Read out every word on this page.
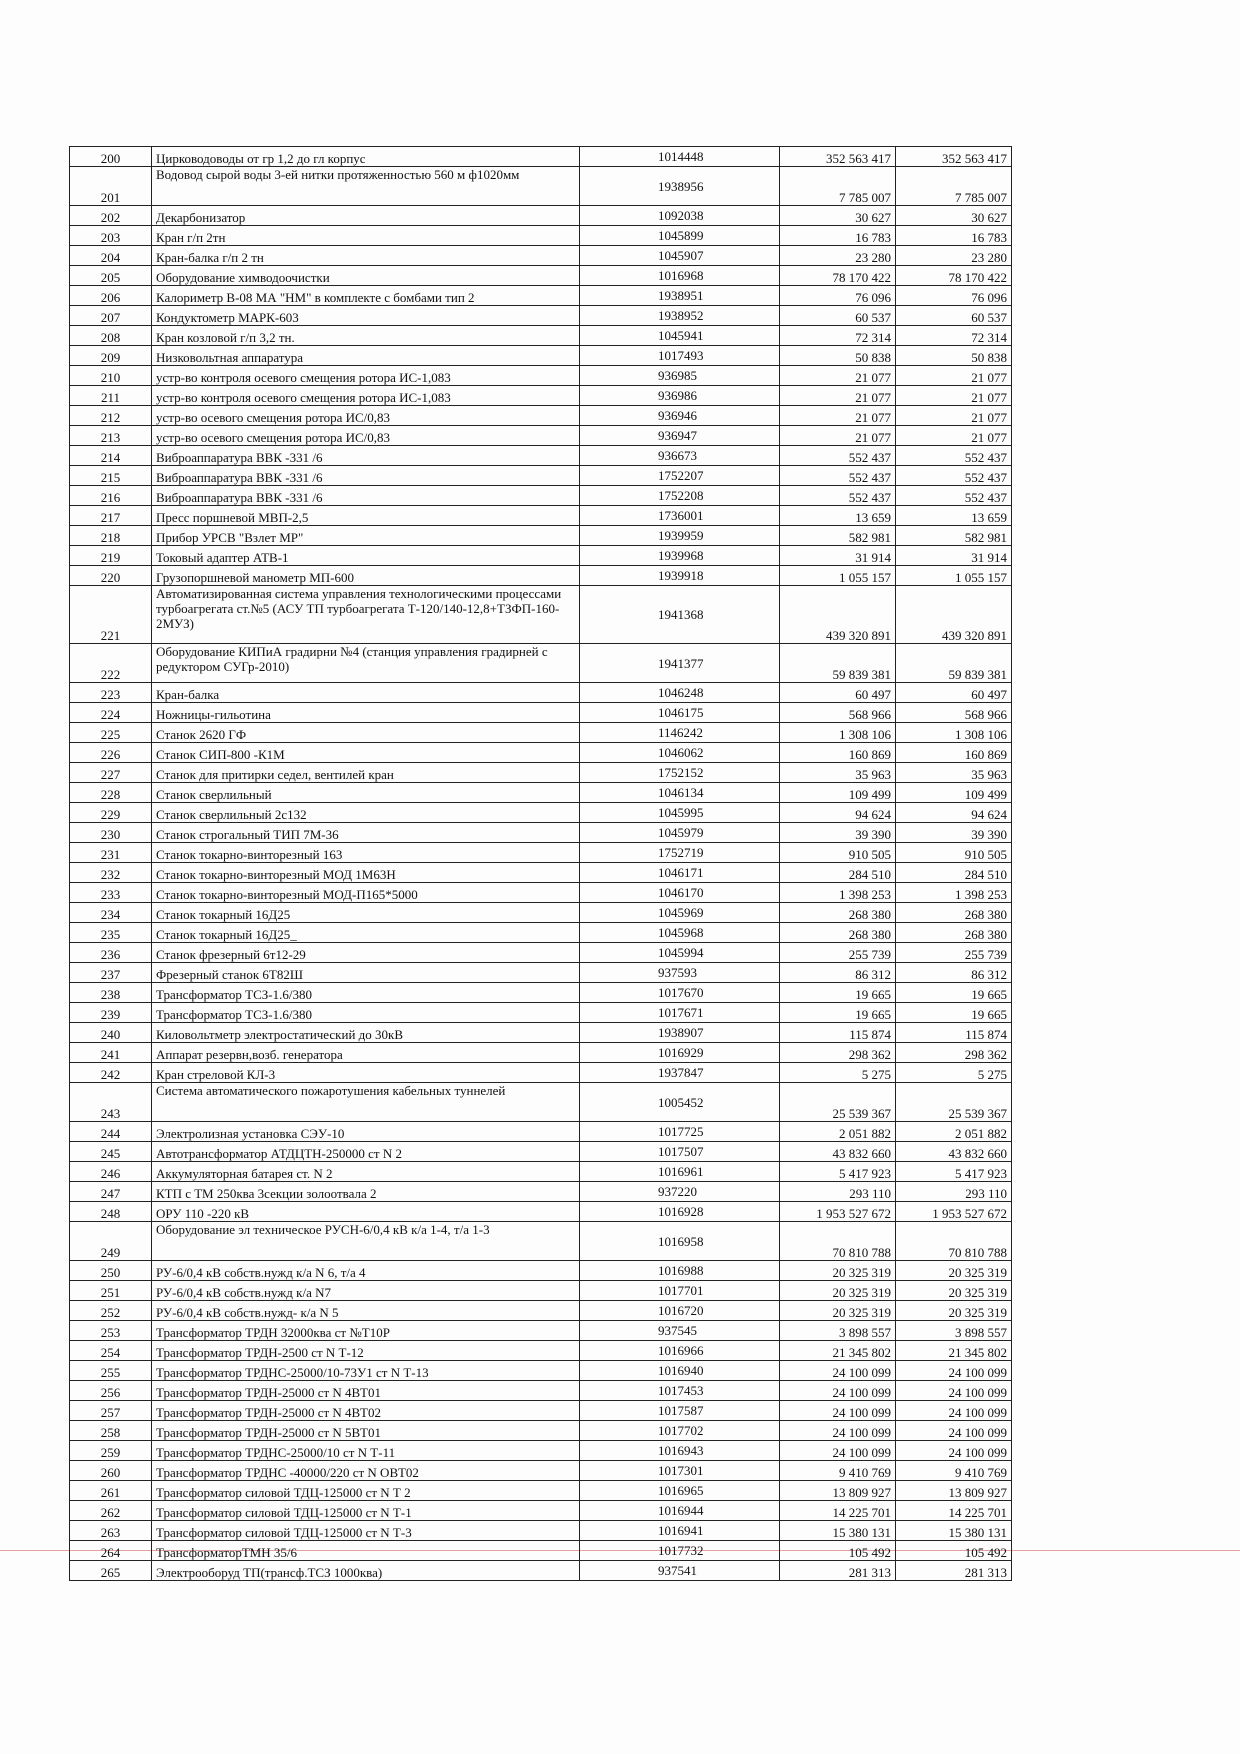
200	Цирководоводы от гр 1,2 до гл корпус	1014448	352 563 417	352 563 417
201	Водовод сырой воды 3-ей нитки протяженностью 560 м ф1020мм	1938956	7 785 007	7 785 007
202	Декарбонизатор	1092038	30 627	30 627
203	Кран г/п 2тн	1045899	16 783	16 783
204	Кран-балка г/п 2 тн	1045907	23 280	23 280
205	Оборудование химводоочистки	1016968	78 170 422	78 170 422
206	Калориметр В-08 МА "НМ" в комплекте с бомбами тип 2	1938951	76 096	76 096
207	Кондуктометр МАРК-603	1938952	60 537	60 537
208	Кран козловой г/п 3,2 тн.	1045941	72 314	72 314
209	Низковольтная аппаратура	1017493	50 838	50 838
210	устр-во контроля осевого смещения ротора ИС-1,083	936985	21 077	21 077
211	устр-во контроля осевого смещения ротора ИС-1,083	936986	21 077	21 077
212	устр-во осевого смещения ротора ИС/0,83	936946	21 077	21 077
213	устр-во осевого смещения ротора ИС/0,83	936947	21 077	21 077
214	Виброаппаратура ВВК -331 /6	936673	552 437	552 437
215	Виброаппаратура ВВК -331 /6	1752207	552 437	552 437
216	Виброаппаратура ВВК -331 /6	1752208	552 437	552 437
217	Пресс поршневой МВП-2,5	1736001	13 659	13 659
218	Прибор УРСВ "Взлет МР"	1939959	582 981	582 981
219	Токовый адаптер АТВ-1	1939968	31 914	31 914
220	Грузопоршневой манометр МП-600	1939918	1 055 157	1 055 157
221	Автоматизированная система управления технологическими процессами турбоагрегата ст.№5 (АСУ ТП турбоагрегата Т-120/140-12,8+ТЗФП-160-2МУЗ)	1941368	439 320 891	439 320 891
222	Оборудование КИПиА градирни №4 (станция управления градирней с редуктором СУГр-2010)	1941377	59 839 381	59 839 381
223	Кран-балка	1046248	60 497	60 497
224	Ножницы-гильотина	1046175	568 966	568 966
225	Станок 2620 ГФ	1146242	1 308 106	1 308 106
226	Станок СИП-800 -К1М	1046062	160 869	160 869
227	Станок для притирки седел, вентилей кран	1752152	35 963	35 963
228	Станок сверлильный	1046134	109 499	109 499
229	Станок сверлильный 2с132	1045995	94 624	94 624
230	Станок строгальный ТИП 7М-36	1045979	39 390	39 390
231	Станок токарно-винторезный 163	1752719	910 505	910 505
232	Станок токарно-винторезный МОД 1М63Н	1046171	284 510	284 510
233	Станок токарно-винторезный МОД-П165*5000	1046170	1 398 253	1 398 253
234	Станок токарный 16Д25	1045969	268 380	268 380
235	Станок токарный 16Д25_	1045968	268 380	268 380
236	Станок фрезерный 6т12-29	1045994	255 739	255 739
237	Фрезерный станок 6Т82Ш	937593	86 312	86 312
238	Трансформатор ТСЗ-1.6/380	1017670	19 665	19 665
239	Трансформатор ТСЗ-1.6/380	1017671	19 665	19 665
240	Киловольтметр электростатический до 30кВ	1938907	115 874	115 874
241	Аппарат резервн,возб. генератора	1016929	298 362	298 362
242	Кран стреловой КЛ-3	1937847	5 275	5 275
243	Система автоматического пожаротушения кабельных туннелей	1005452	25 539 367	25 539 367
244	Электролизная установка СЭУ-10	1017725	2 051 882	2 051 882
245	Автотрансформатор АТДЦТН-250000 ст N 2	1017507	43 832 660	43 832 660
246	Аккумуляторная батарея ст. N 2	1016961	5 417 923	5 417 923
247	КТП с ТМ 250ква 3секции золоотвала 2	937220	293 110	293 110
248	ОРУ 110 -220 кВ	1016928	1 953 527 672	1 953 527 672
249	Оборудование эл техническое РУСН-6/0,4 кВ к/а 1-4, т/а 1-3	1016958	70 810 788	70 810 788
250	РУ-6/0,4 кВ собств.нужд к/а N 6, т/а 4	1016988	20 325 319	20 325 319
251	РУ-6/0,4 кВ собств.нужд к/а N7	1017701	20 325 319	20 325 319
252	РУ-6/0,4 кВ собств.нужд- к/а N 5	1016720	20 325 319	20 325 319
253	Трансформатор ТРДН 32000ква ст №Т10Р	937545	3 898 557	3 898 557
254	Трансформатор ТРДН-2500 ст N Т-12	1016966	21 345 802	21 345 802
255	Трансформатор ТРДНС-25000/10-73У1 ст N Т-13	1016940	24 100 099	24 100 099
256	Трансформатор ТРДН-25000 ст N 4ВТ01	1017453	24 100 099	24 100 099
257	Трансформатор ТРДН-25000 ст N 4ВТ02	1017587	24 100 099	24 100 099
258	Трансформатор ТРДН-25000 ст N 5ВТ01	1017702	24 100 099	24 100 099
259	Трансформатор ТРДНС-25000/10 ст N Т-11	1016943	24 100 099	24 100 099
260	Трансформатор ТРДНС -40000/220 ст N ОВТ02	1017301	9 410 769	9 410 769
261	Трансформатор силовой ТДЦ-125000 ст N Т 2	1016965	13 809 927	13 809 927
262	Трансформатор силовой ТДЦ-125000 ст N Т-1	1016944	14 225 701	14 225 701
263	Трансформатор силовой ТДЦ-125000 ст N Т-3	1016941	15 380 131	15 380 131
264	ТрансформаторТМН 35/6	1017732	105 492	105 492
265	Электрооборуд ТП(трансф.ТСЗ 1000ква)	937541	281 313	281 313
